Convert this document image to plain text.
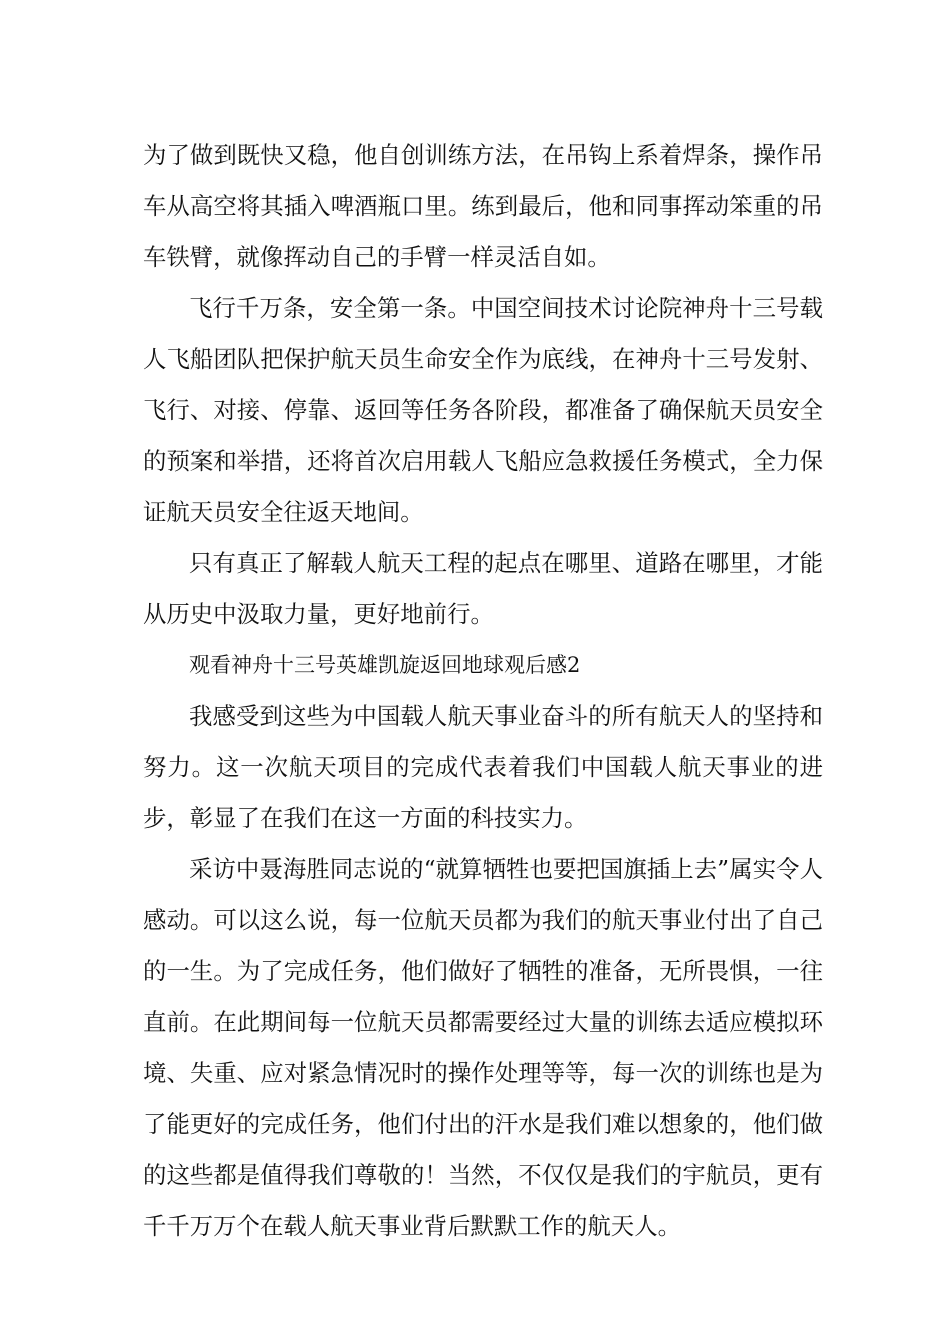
为了做到既快又稳，他自创训练方法，在吊钩上系着焊条，操作吊车从高空将其插入啤酒瓶口里。练到最后，他和同事挥动笨重的吊车铁臂，就像挥动自己的手臂一样灵活自如。

飞行千万条，安全第一条。中国空间技术讨论院神舟十三号载人飞船团队把保护航天员生命安全作为底线，在神舟十三号发射、飞行、对接、停靠、返回等任务各阶段，都准备了确保航天员安全的预案和举措，还将首次启用载人飞船应急救援任务模式，全力保证航天员安全往返天地间。

只有真正了解载人航天工程的起点在哪里、道路在哪里，才能从历史中汲取力量，更好地前行。

观看神舟十三号英雄凯旋返回地球观后感2

我感受到这些为中国载人航天事业奋斗的所有航天人的坚持和努力。这一次航天项目的完成代表着我们中国载人航天事业的进步，彰显了在我们在这一方面的科技实力。

采访中聂海胜同志说的“就算牺牲也要把国旗插上去”属实令人感动。可以这么说，每一位航天员都为我们的航天事业付出了自己的一生。为了完成任务，他们做好了牺牲的准备，无所畏惧，一往直前。在此期间每一位航天员都需要经过大量的训练去适应模拟环境、失重、应对紧急情况时的操作处理等等，每一次的训练也是为了能更好的完成任务，他们付出的汗水是我们难以想象的，他们做的这些都是值得我们尊敬的！当然，不仅仅是我们的宇航员，更有千千万万个在载人航天事业背后默默工作的航天人。
